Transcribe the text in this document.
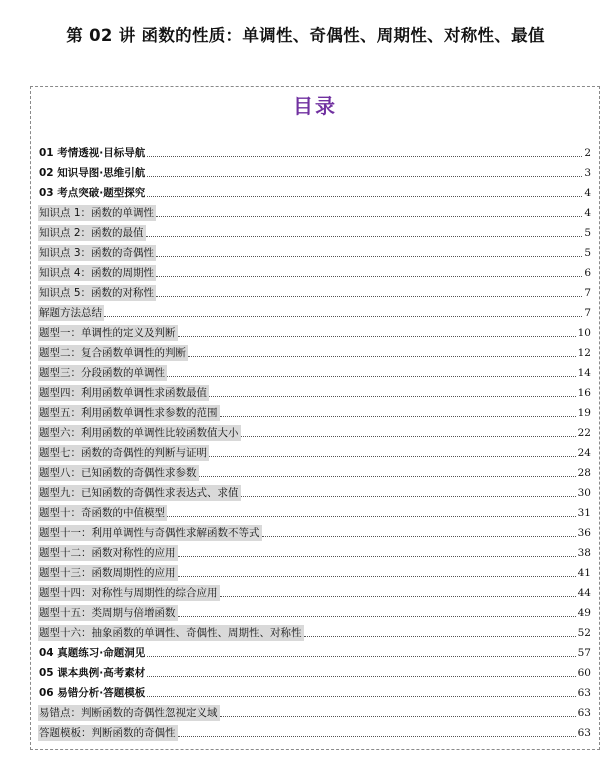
第 02 讲 函数的性质：单调性、奇偶性、周期性、对称性、最值
目录
01 考情透视·目标导航	2
02 知识导图·思维引航	3
03 考点突破·题型探究	4
知识点 1：函数的单调性	4
知识点 2：函数的最值	5
知识点 3：函数的奇偶性	5
知识点 4：函数的周期性	6
知识点 5：函数的对称性	7
解题方法总结	7
题型一：单调性的定义及判断	10
题型二：复合函数单调性的判断	12
题型三：分段函数的单调性	14
题型四：利用函数单调性求函数最值	16
题型五：利用函数单调性求参数的范围	19
题型六：利用函数的单调性比较函数值大小	22
题型七：函数的奇偶性的判断与证明	24
题型八：已知函数的奇偶性求参数	28
题型九：已知函数的奇偶性求表达式、求值	30
题型十：奇函数的中值模型	31
题型十一：利用单调性与奇偶性求解函数不等式	36
题型十二：函数对称性的应用	38
题型十三：函数周期性的应用	41
题型十四：对称性与周期性的综合应用	44
题型十五：类周期与倍增函数	49
题型十六：抽象函数的单调性、奇偶性、周期性、对称性	52
04 真题练习·命题洞见	57
05 课本典例·高考素材	60
06 易错分析·答题模板	63
易错点：判断函数的奇偶性忽视定义域	63
答题模板：判断函数的奇偶性	63
